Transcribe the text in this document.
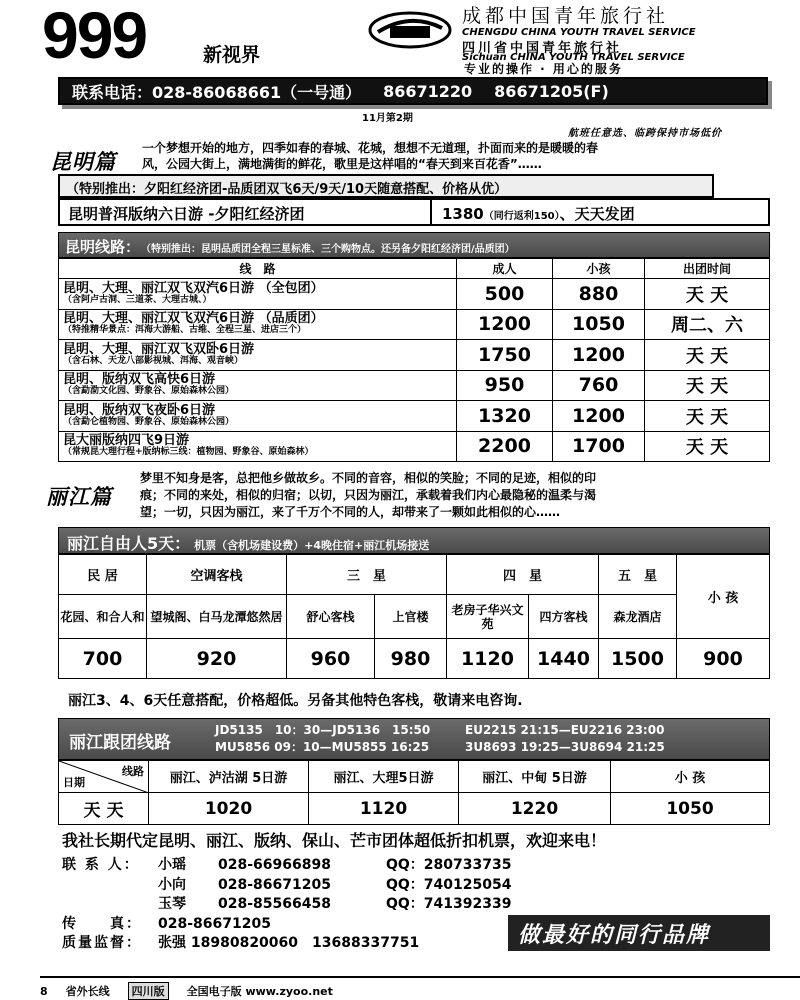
999	新视界
成都中国青年旅行社
CHENGDU CHINA YOUTH TRAVEL SERVICE
四川省中国青年旅行社
Sichuan CHINA YOUTH TRAVEL SERVICE
专业的操作 · 用心的服务
联系电话：028-86068661（一号通） 86671220 86671205(F)
11月第2期
航班任意选、临跨保持市场低价
昆明篇
一个梦想开始的地方，四季如春的春城、花城，想想不无道理，扑面而来的是暖暖的春
风，公园大街上，满地满街的鲜花，歌里是这样唱的“春天到来百花香”……
（特别推出：夕阳红经济团-品质团双飞6天/9天/10天随意搭配、价格从优）
昆明普洱版纳六日游 -夕阳红经济团	1380（同行返利150）、天天发团
昆明线路： （特别推出：昆明品质团全程三星标准、三个购物点。还另备夕阳红经济团/品质团）
线　路	成人	小孩	出团时间
昆明、大理、丽江双飞双汽6日游 （全包团）
（含阿卢古洞、三道茶、大理古城、）	500	880	天 天
昆明、大理、丽江双飞双汽6日游 （品质团）
（特推精华景点：洱海大游船、古维、全程三星、进店三个）	1200	1050	周二、六
昆明、大理、丽江双飞双卧6日游
（含石林、天龙八部影视城、洱海、观音峡）	1750	1200	天 天
昆明、版纳双飞高快6日游
（含勐泐文化园、野象谷、原始森林公园）	950	760	天 天
昆明、版纳双飞夜卧6日游
（含勐仑植物园、野象谷、原始森林公园）	1320	1200	天 天
昆大丽版纳四飞9日游
（常规昆大理行程+版纳标三线：植物园、野象谷、原始森林）	2200	1700	天 天
丽江篇
梦里不知身是客，总把他乡做故乡。不同的音容，相似的笑脸；不同的足迹，相似的印
痕；不同的来处，相似的归宿；以切，只因为丽江，承载着我们内心最隐秘的温柔与渴
望；一切，只因为丽江，来了千万个不同的人，却带来了一颗如此相似的心……
丽江自由人5天： 机票（含机场建设费）+4晚住宿+丽江机场接送
民 居	空调客栈	三　星		四　星		五　星	小 孩
花园、和合人和	望城阁、白马龙潭悠然居	舒心客栈	上官楼	老房子华兴文苑	四方客栈	森龙酒店	
700	920	960	980	1120	1440	1500	900
丽江3、4、6天任意搭配，价格超低。另备其他特色客栈，敬请来电咨询.
丽江跟团线路
JD5135　10：30—JD5136　15:50	EU2215 21:15—EU2216 23:00
MU5856 09：10—MU5855 16:25	3U8693 19:25—3U8694 21:25
线路
日期	丽江、泸沽湖 5日游	丽江、大理5日游	丽江、中甸 5日游	小 孩
天 天	1020	1120	1220	1050
我社长期代定昆明、丽江、版纳、保山、芒市团体超低折扣机票，欢迎来电！
联 系 人：	小瑶	028-66966898	QQ：280733735
小向	028-86671205	QQ：740125054
玉琴	028-85566458	QQ：741392339
传　　真：	028-86671205
质量监督：	张强 18980820060　13688337751	做最好的同行品牌
8 省外长线	四川版	全国电子版 www.zyoo.net
